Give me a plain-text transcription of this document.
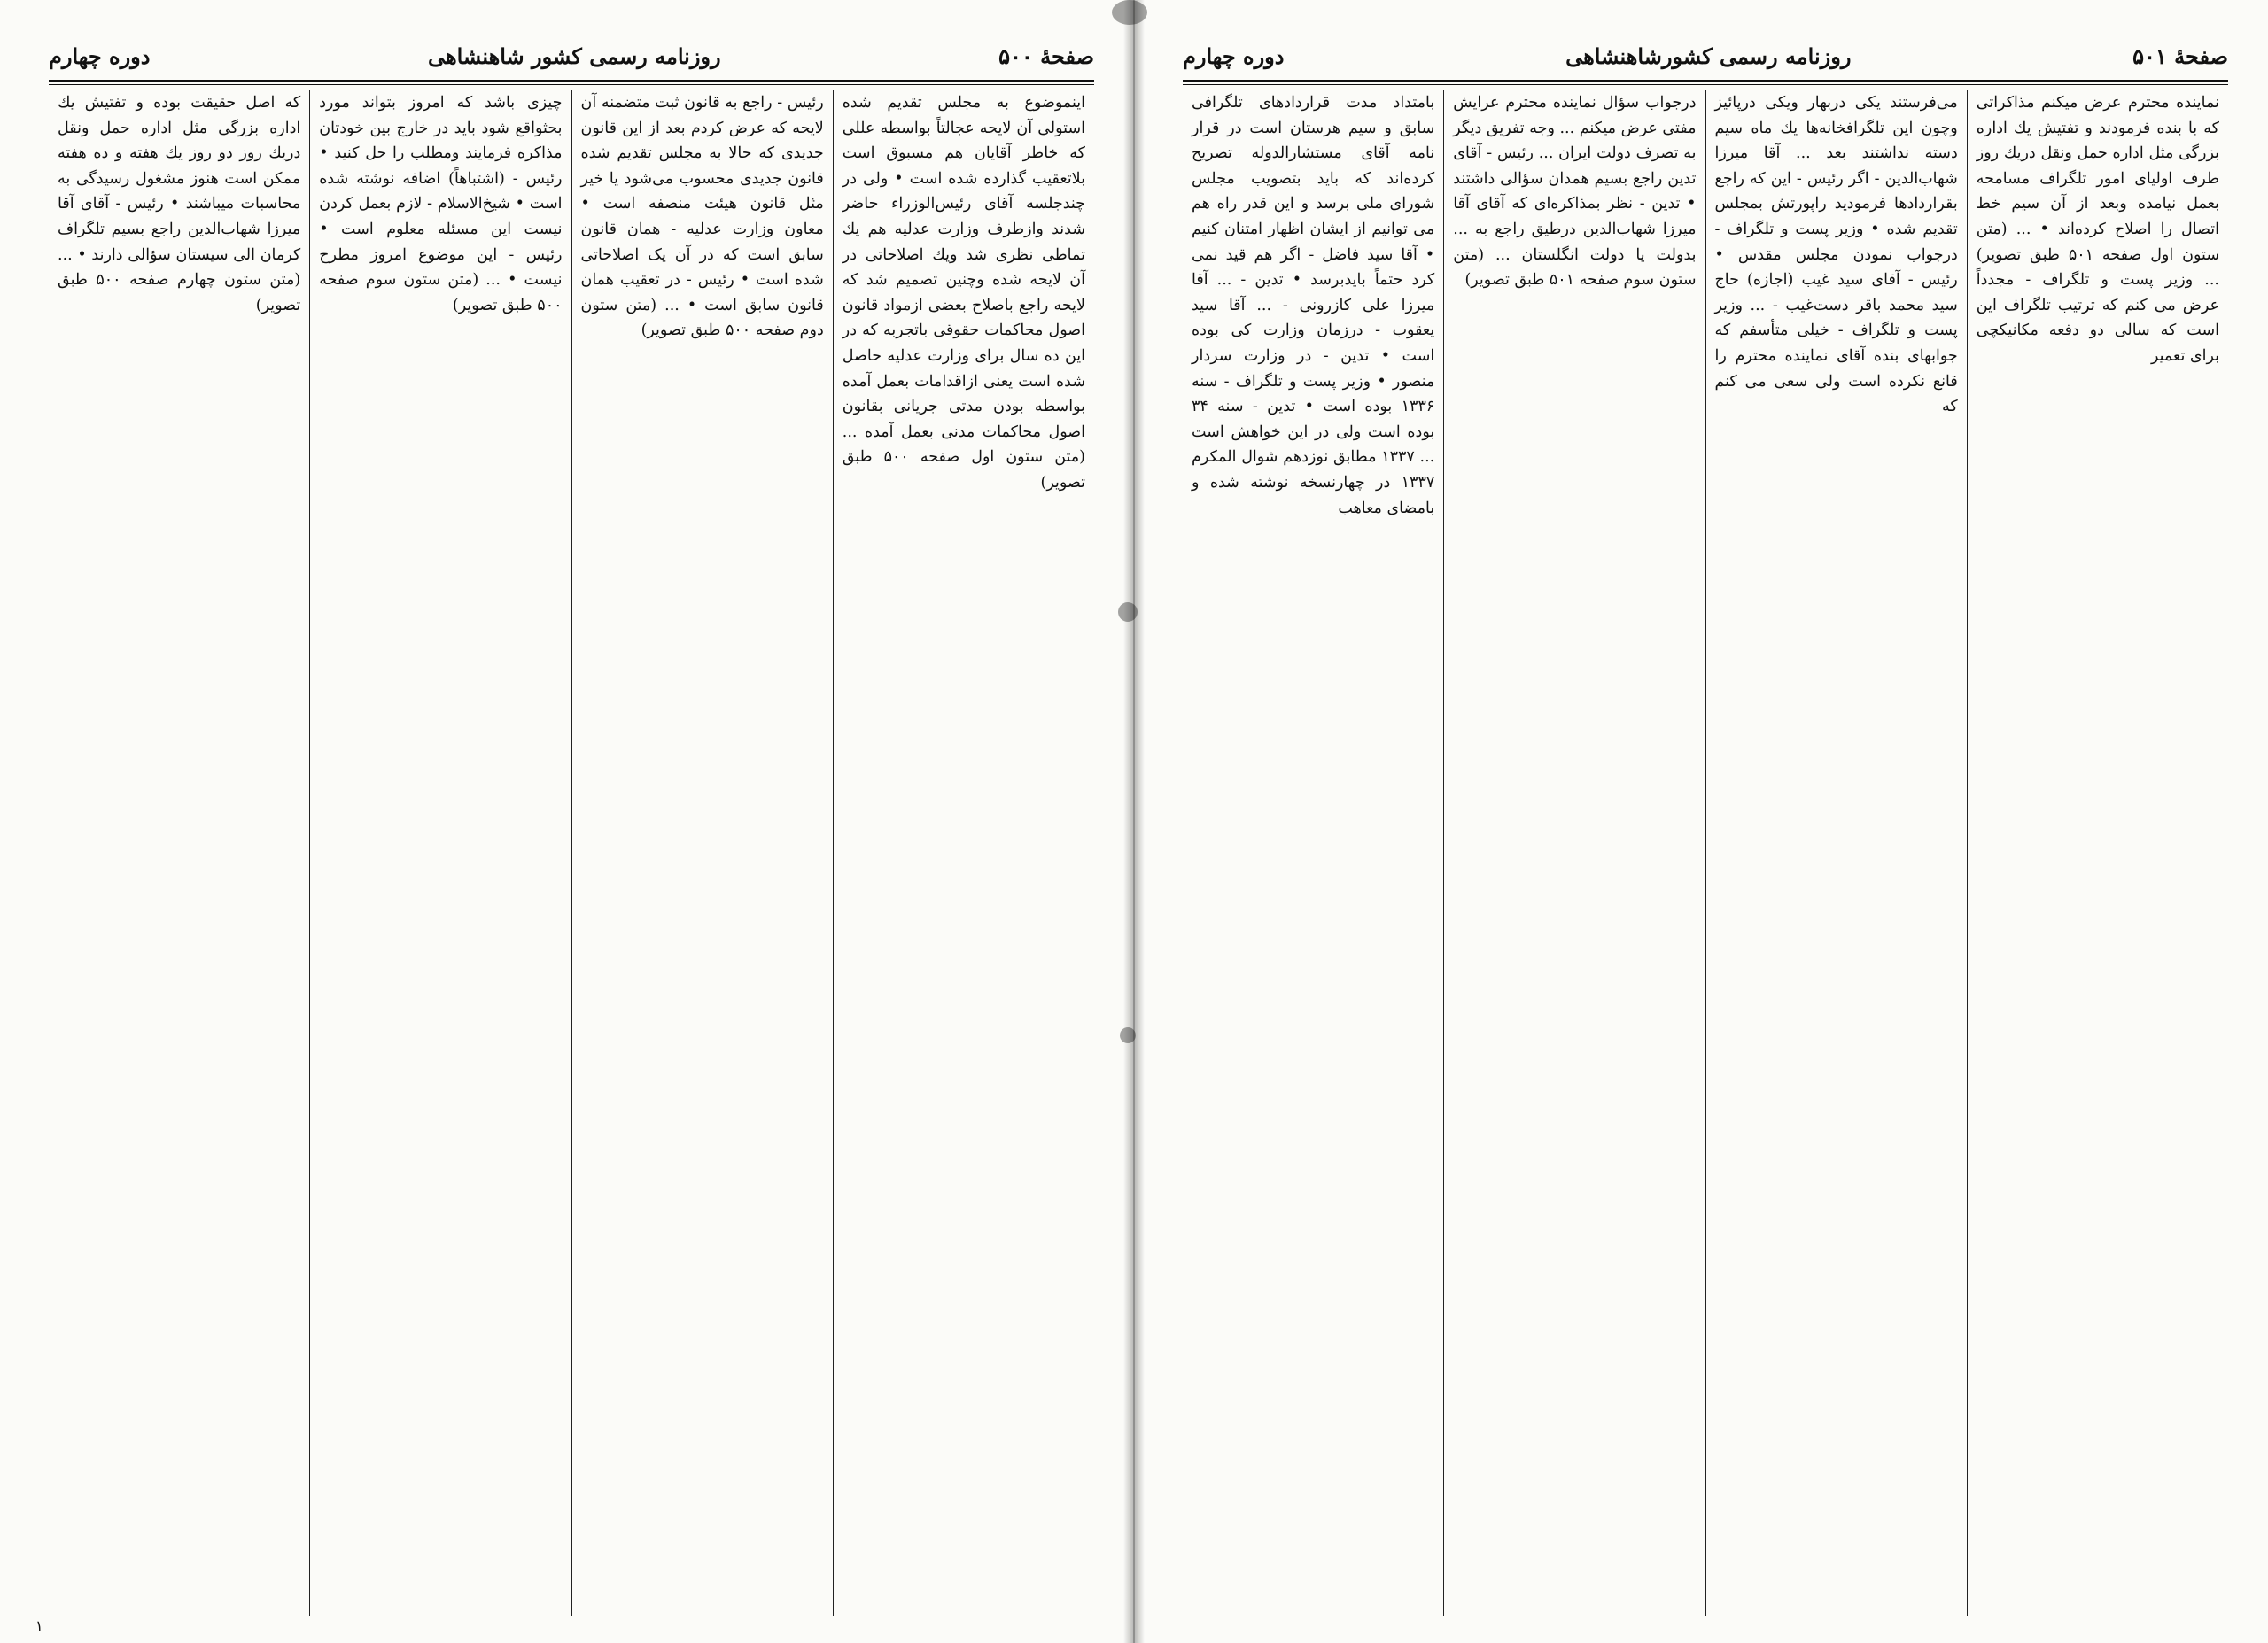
صفحهٔ ۵۰۰
روزنامه رسمی کشور شاهنشاهی
دوره چهارم

اینموضوع به مجلس تقدیم شده استولی آن لایحه عجالتاً بواسطه عللی که خاطر آقایان هم مسبوق است بلاتعقیب گذارده شده است • ولی در چندجلسه آقای رئیس‌الوزراء حاضر شدند وازطرف وزارت عدلیه هم یك تماطی نظری شد ویك اصلاحاتی در آن لایحه شده وچنین تصمیم شد که لایحه راجع باصلاح بعضی ازمواد قانون اصول محاکمات حقوقی باتجربه که در این ده سال برای وزارت عدلیه حاصل شده است یعنی ازاقدامات بعمل آمده بواسطه بودن مدتی جریانی بقانون اصول محاکمات مدنی بعمل آمده ... (متن ستون اول صفحه ۵۰۰ طبق تصویر)

رئیس - راجع به قانون ثبت متضمنه آن لایحه که عرض کردم بعد از این قانون جدیدی که حالا به مجلس تقدیم شده قانون جدیدی محسوب می‌شود یا خیر مثل قانون هیئت منصفه است • معاون وزارت عدلیه - همان قانون سابق است که در آن یک اصلاحاتی شده است • رئیس - در تعقیب همان قانون سابق است • ... (متن ستون دوم صفحه ۵۰۰ طبق تصویر)

چیزی باشد که امروز بتواند مورد بحثواقع شود باید در خارج بین خودتان مذاکره فرمایند ومطلب را حل کنید • رئیس - (اشتباهاً) اضافه نوشته شده است • شیخ‌الاسلام - لازم بعمل کردن نیست این مسئله معلوم است • رئیس - این موضوع امروز مطرح نیست • ... (متن ستون سوم صفحه ۵۰۰ طبق تصویر)

که اصل حقیقت بوده و تفتیش یك اداره بزرگی مثل اداره حمل ونقل دریك روز دو روز یك هفته و ده هفته ممکن است هنوز مشغول رسیدگی به محاسبات میباشند • رئیس - آقای آقا میرزا شهاب‌الدین راجع بسیم تلگراف کرمان الی سیستان سؤالی دارند • ... (متن ستون چهارم صفحه ۵۰۰ طبق تصویر)

۱
صفحهٔ ۵۰۱
روزنامه رسمی کشورشاهنشاهی
دوره چهارم

نماینده محترم عرض میکنم مذاکراتی که با بنده فرمودند و تفتیش یك اداره بزرگی مثل اداره حمل ونقل دریك روز طرف اولیای امور تلگراف مسامحه بعمل نیامده وبعد از آن سیم خط اتصال را اصلاح کرده‌اند • ... (متن ستون اول صفحه ۵۰۱ طبق تصویر) ... وزیر پست و تلگراف - مجدداً عرض می کنم که ترتیب تلگراف این است که سالی دو دفعه مکانیکچی برای تعمیر

می‌فرستند یکی دربهار ویکی درپائیز وچون این تلگرافخانه‌ها یك ماه سیم دسته نداشتند بعد ... آقا میرزا شهاب‌الدین - اگر رئیس - این که راجع بقراردادها فرمودید راپورتش بمجلس تقدیم شده • وزیر پست و تلگراف - درجواب نمودن مجلس مقدس • رئیس - آقای سید غیب (اجازه) حاج سید محمد باقر دست‌غیب - ... وزیر پست و تلگراف - خیلی متأسفم که جوابهای بنده آقای نماینده محترم را قانع نکرده است ولی سعی می کنم که

درجواب سؤال نماینده محترم عرایش مفتی عرض میکنم ... وجه تفریق دیگر به تصرف دولت ایران ... رئیس - آقای تدین راجع بسیم همدان سؤالی داشتند • تدین - نظر بمذاکره‌ای که آقای آقا میرزا شهاب‌الدین درطیق راجع به ... بدولت یا دولت انگلستان ... (متن ستون سوم صفحه ۵۰۱ طبق تصویر)

بامتداد مدت قراردادهای تلگرافی سابق و سیم هرستان است در قرار نامه آقای مستشارالدوله تصریح کرده‌اند که باید بتصویب مجلس شورای ملی برسد و این قدر راه هم می توانیم از ایشان اظهار امتنان کنیم • آقا سید فاضل - اگر هم قید نمی کرد حتماً بایدبرسد • تدین - ... آقا میرزا علی کازرونی - ... آقا سید یعقوب - درزمان وزارت کی بوده است • تدین - در وزارت سردار منصور • وزیر پست و تلگراف - سنه ۱۳۳۶ بوده است • تدین - سنه ۳۴ بوده است ولی در این خواهش است ... ۱۳۳۷ مطابق نوزدهم شوال المکرم ۱۳۳۷ در چهارنسخه نوشته شده و بامضای معاهب
